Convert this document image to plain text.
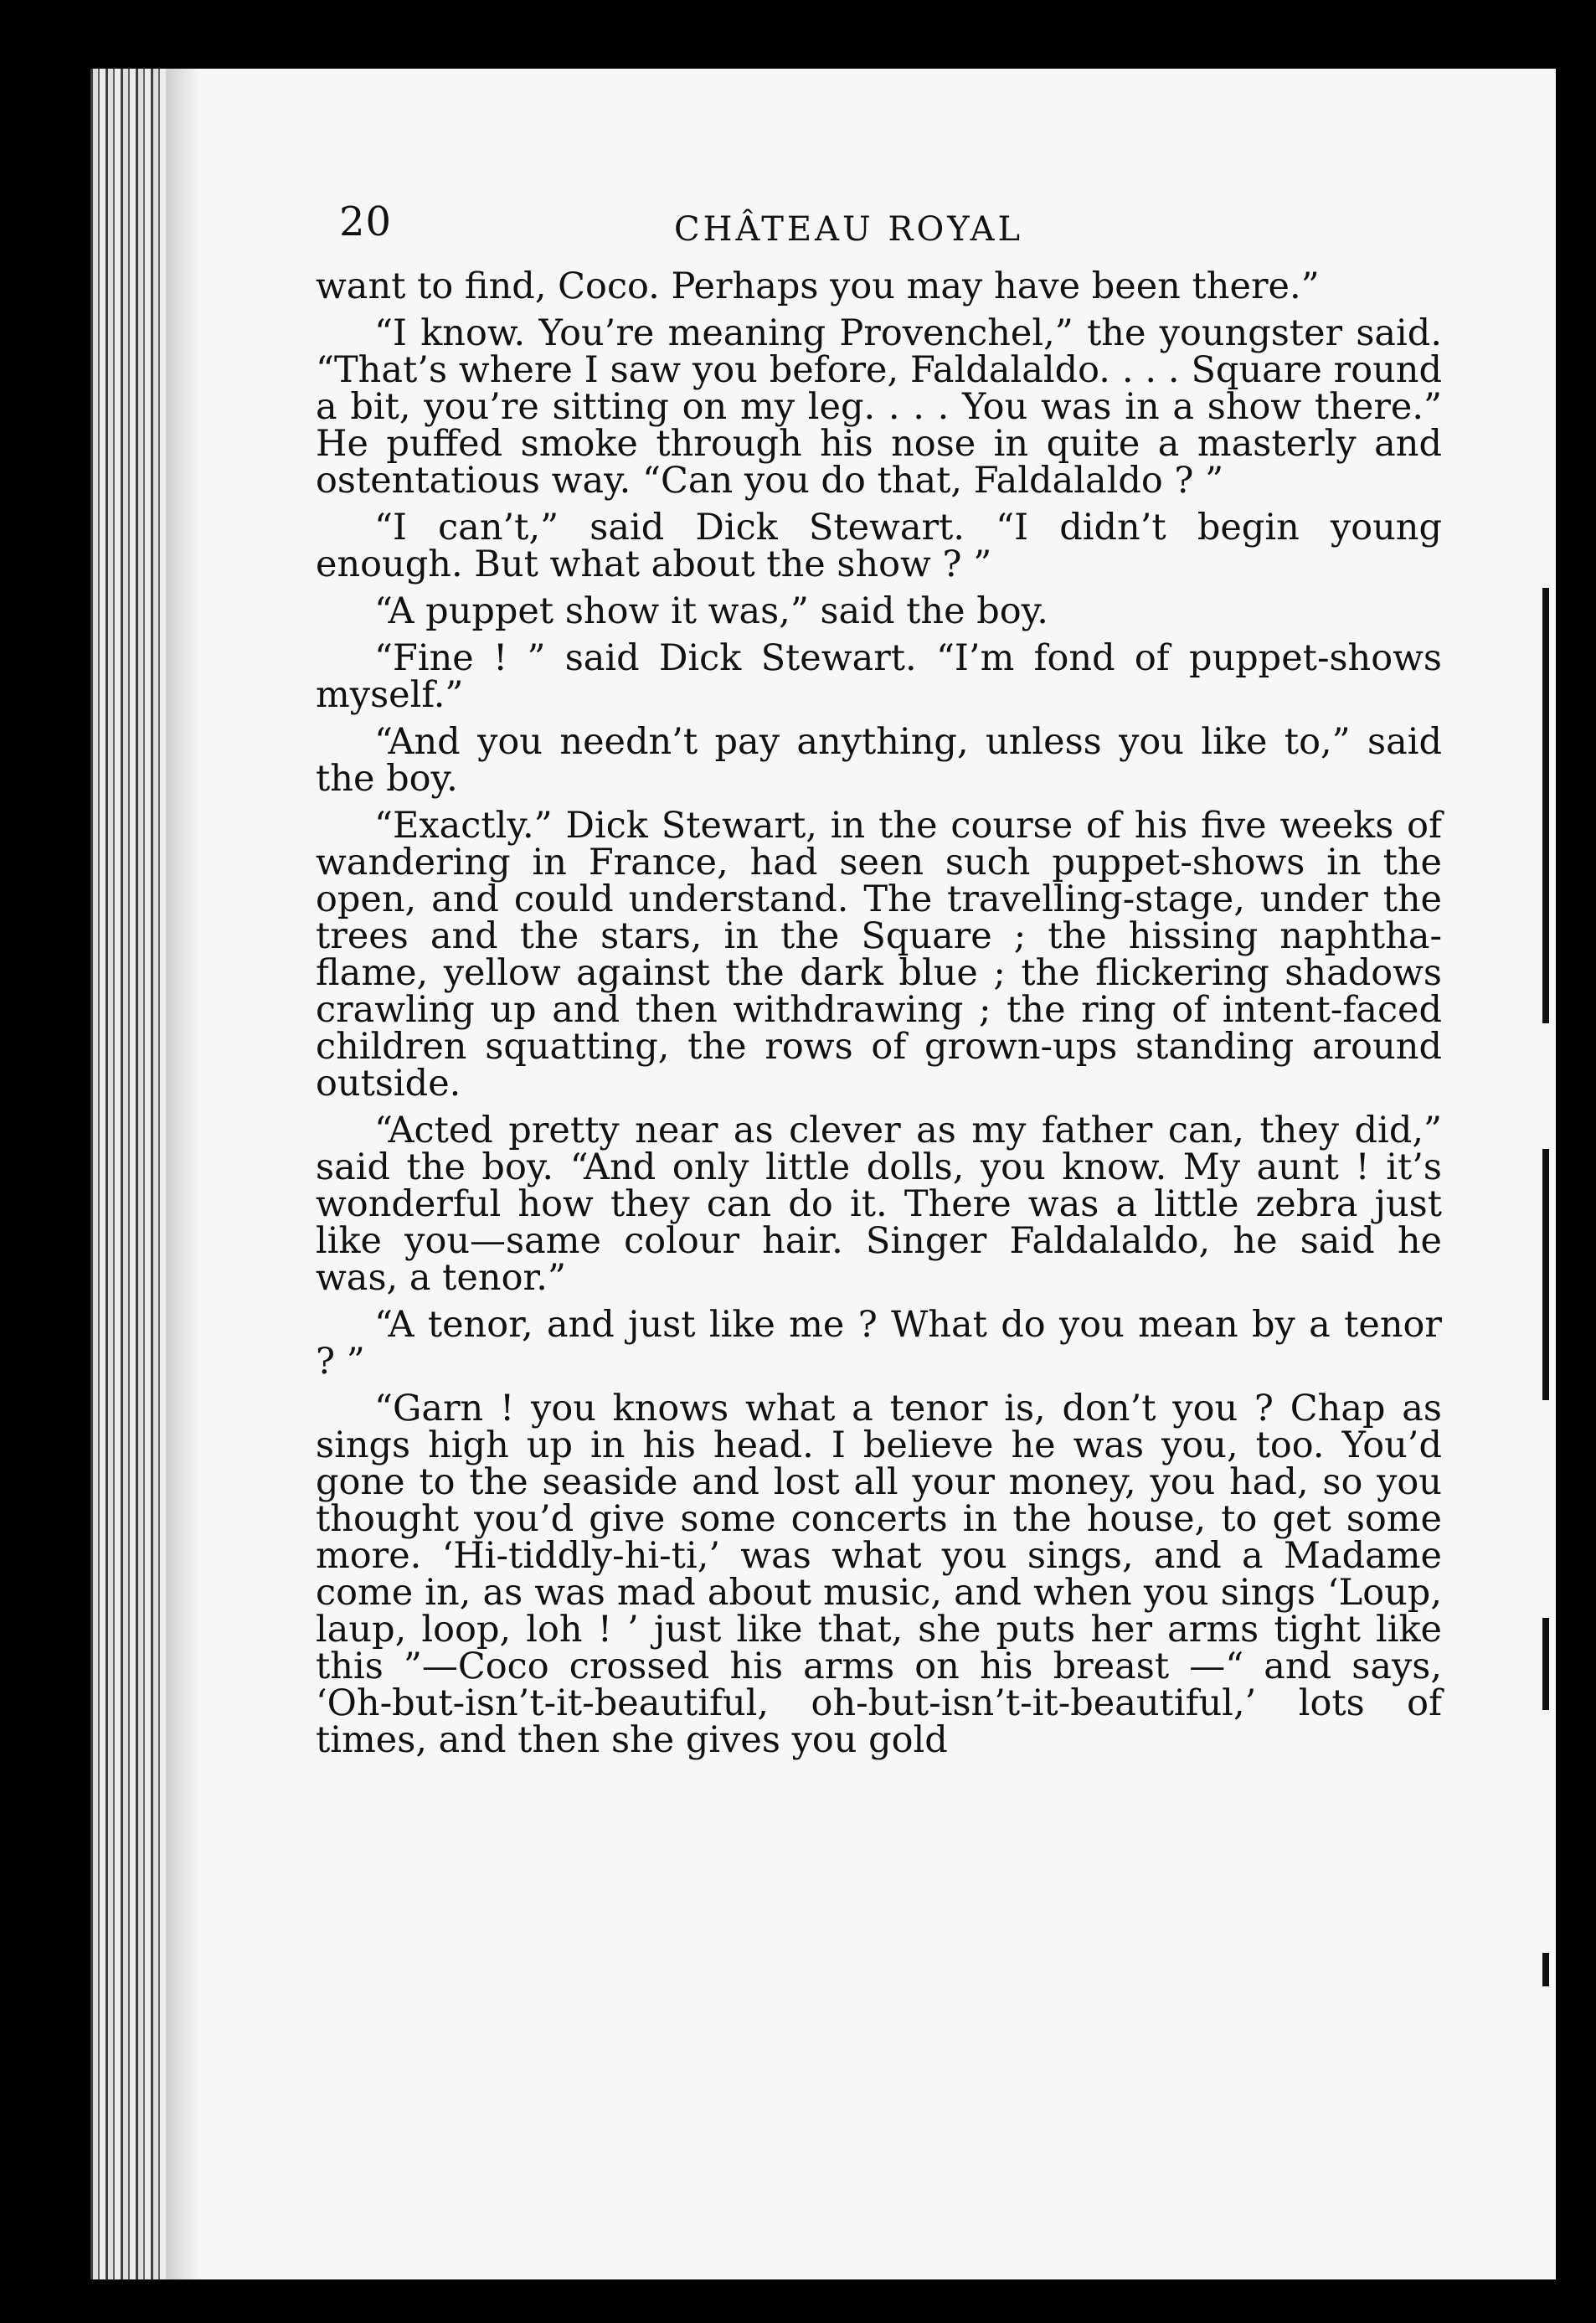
20	CHÂTEAU ROYAL

want to find, Coco. Perhaps you may have been there.”

“I know. You’re meaning Provenchel,” the youngster said. “That’s where I saw you before, Faldalaldo. . . . Square round a bit, you’re sitting on my leg. . . . You was in a show there.” He puffed smoke through his nose in quite a masterly and ostentatious way. “Can you do that, Faldalaldo ? ”

“I can’t,” said Dick Stewart. “I didn’t begin young enough. But what about the show ? ”

“A puppet show it was,” said the boy.

“Fine ! ” said Dick Stewart. “I’m fond of puppet-shows myself.”

“And you needn’t pay anything, unless you like to,” said the boy.

“Exactly.” Dick Stewart, in the course of his five weeks of wandering in France, had seen such puppet-shows in the open, and could understand. The travelling-stage, under the trees and the stars, in the Square ; the hissing naphtha-flame, yellow against the dark blue ; the flickering shadows crawling up and then withdrawing ; the ring of intent-faced children squatting, the rows of grown-ups standing around outside.

“Acted pretty near as clever as my father can, they did,” said the boy. “And only little dolls, you know. My aunt ! it’s wonderful how they can do it. There was a little zebra just like you—same colour hair. Singer Faldalaldo, he said he was, a tenor.”

“A tenor, and just like me ? What do you mean by a tenor ? ”

“Garn ! you knows what a tenor is, don’t you ? Chap as sings high up in his head. I believe he was you, too. You’d gone to the seaside and lost all your money, you had, so you thought you’d give some concerts in the house, to get some more. ‘Hi-tiddly-hi-ti,’ was what you sings, and a Madame come in, as was mad about music, and when you sings ‘Loup, laup, loop, loh ! ’ just like that, she puts her arms tight like this ”—Coco crossed his arms on his breast —“ and says, ‘Oh-but-isn’t-it-beautiful, oh-but-isn’t-it-beautiful,’ lots of times, and then she gives you gold
